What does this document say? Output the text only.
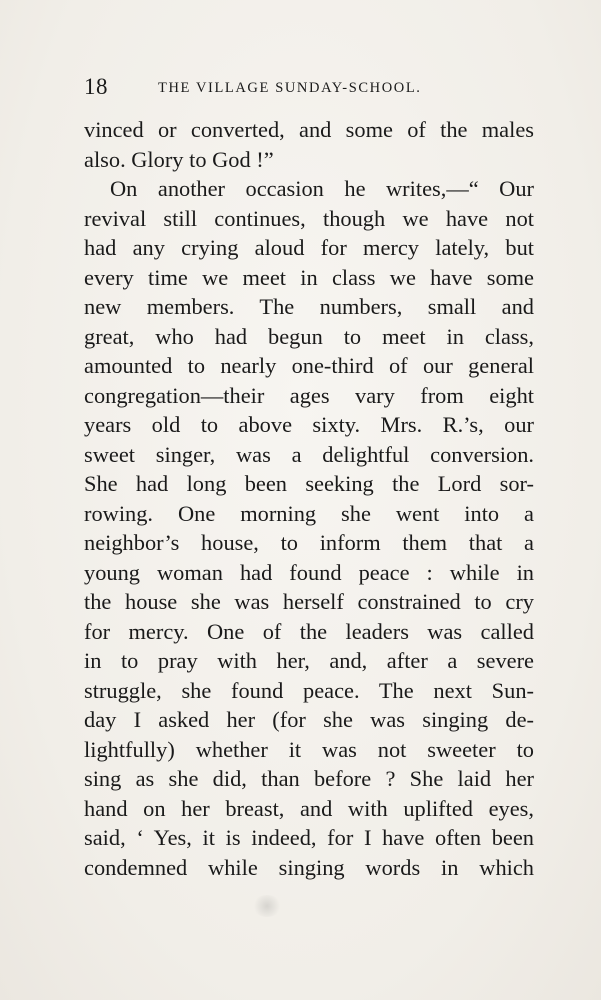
18	THE VILLAGE SUNDAY-SCHOOL.
vinced or converted, and some of the males
also. Glory to God !”
On another occasion he writes,—“ Our
revival still continues, though we have not
had any crying aloud for mercy lately, but
every time we meet in class we have some
new members. The numbers, small and
great, who had begun to meet in class,
amounted to nearly one-third of our general
congregation—their ages vary from eight
years old to above sixty. Mrs. R.’s, our
sweet singer, was a delightful conversion.
She had long been seeking the Lord sor-
rowing. One morning she went into a
neighbor’s house, to inform them that a
young woman had found peace : while in
the house she was herself constrained to cry
for mercy. One of the leaders was called
in to pray with her, and, after a severe
struggle, she found peace. The next Sun-
day I asked her (for she was singing de-
lightfully) whether it was not sweeter to
sing as she did, than before ? She laid her
hand on her breast, and with uplifted eyes,
said, ‘ Yes, it is indeed, for I have often been
condemned while singing words in which
